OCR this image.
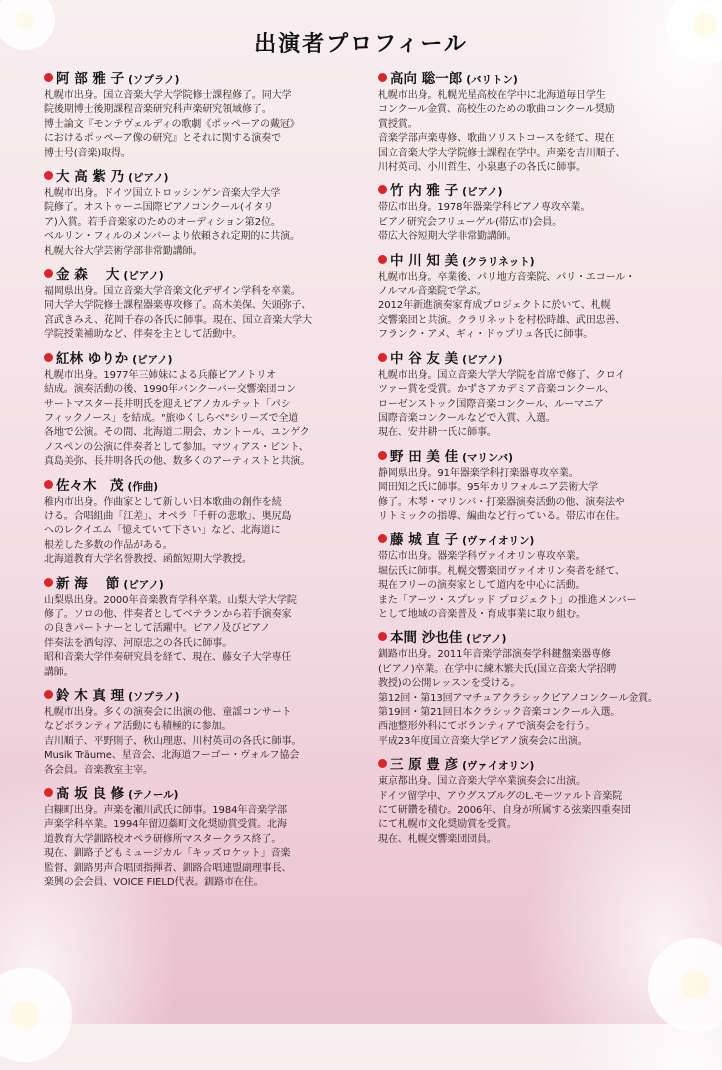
出演者プロフィール
阿 部 雅 子 (ソプラノ)
札幌市出身。国立音楽大学大学院修士課程修了。同大学
院後期博士後期課程音楽研究科声楽研究領域修了。
博士論文『モンテヴェルディの歌劇《ポッペーアの戴冠》
におけるポッペーア像の研究』とそれに関する演奏で
博士号(音楽)取得。
大 高 紫 乃 (ピアノ)
札幌市出身。ドイツ国立トロッシンゲン音楽大学大学
院修了。オストゥーニ国際ピアノコンクール(イタリ
ア)入賞。若手音楽家のためのオーディション第2位。
ベルリン・フィルのメンバーより依頼され定期的に共演。
札幌大谷大学芸術学部非常勤講師。
金 森　 大 (ピアノ)
福岡県出身。国立音楽大学音楽文化デザイン学科を卒業。
同大学大学院修士課程器楽専攻修了。高木美保、矢頭弥子、
宮武きみえ、花岡千春の各氏に師事。現在、国立音楽大学大
学院授業補助など、伴奏を主として活動中。
紅林 ゆりか (ピアノ)
札幌市出身。1977年三姉妹による兵藤ピアノトリオ
結成。演奏活動の後、1990年バンクーバー交響楽団コン
サートマスター長井明氏を迎えピアノカルテット「パシ
フィックノース」を結成。"旅ゆくしらべ"シリーズで全道
各地で公演。その間、北海道二期会、カントール、ユンゲク
ノスペンの公演に伴奏者として参加。マツィアス・ピント、
真島美弥、長井明各氏の他、数多くのアーティストと共演。
佐々木　茂 (作曲)
稚内市出身。作曲家として新しい日本歌曲の創作を続
ける。合唱組曲「江差」、オペラ「千軒の悲歌」、奥尻島
へのレクイエム「憶えていて下さい」など、北海道に
根差した多数の作品がある。
北海道教育大学名誉教授、函館短期大学教授。
新 海　 節 (ピアノ)
山梨県出身。2000年音楽教育学科卒業。山梨大学大学院
修了。ソロの他、伴奏者としてベテランから若手演奏家
の良きパートナーとして活躍中。ピアノ及びピアノ
伴奏法を酒匂淳、河原忠之の各氏に師事。
昭和音楽大学伴奏研究員を経て、現在、藤女子大学専任
講師。
鈴 木 真 理 (ソプラノ)
札幌市出身。多くの演奏会に出演の他、童謡コンサート
などボランティア活動にも積極的に参加。
吉川順子、平野則子、秋山理恵、川村英司の各氏に師事。
Musik Träume、星音会、北海道フーゴー・ヴォルフ協会
各会員。音楽教室主宰。
髙 坂 良 修 (テノール)
白糠町出身。声楽を瀬川武氏に師事。1984年音楽学部
声楽学科卒業。1994年留辺蘂町文化奨励賞受賞。北海
道教育大学釧路校オペラ研修所マスタークラス終了。
現在、釧路子どもミュージカル「キッズロケット」音楽
監督、釧路男声合唱団指揮者、釧路合唱連盟副理事長、
楽興の会会員、VOICE FIELD代表。釧路市在住。
高向 聡一郎 (バリトン)
札幌市出身。札幌光星高校在学中に北海道毎日学生
コンクール金賞、高校生のための歌曲コンクール奨励
賞授賞。
音楽学部声楽専修、歌曲ソリストコースを経て、現在
国立音楽大学大学院修士課程在学中。声楽を吉川順子、
川村英司、小川哲生、小泉惠子の各氏に師事。
竹 内 雅 子 (ピアノ)
帯広市出身。1978年器楽学科ピアノ専攻卒業。
ピアノ研究会フリューゲル(帯広市)会員。
帯広大谷短期大学非常勤講師。
中 川 知 美 (クラリネット)
札幌市出身。卒業後、パリ地方音楽院、パリ・エコール・
ノルマル音楽院で学ぶ。
2012年新進演奏家育成プロジェクトに於いて、札幌
交響楽団と共演。クラリネットを村松時雄、武田忠善、
フランク・アメ、ギィ・ドゥプリュ各氏に師事。
中 谷 友 美 (ピアノ)
札幌市出身。国立音楽大学大学院を首席で修了、クロイ
ツァー賞を受賞。かずさアカデミア音楽コンクール、
ローゼンストック国際音楽コンクール、ルーマニア
国際音楽コンクールなどで入賞、入選。
現在、安井耕一氏に師事。
野 田 美 佳 (マリンバ)
静岡県出身。91年器楽学科打楽器専攻卒業。
岡田知之氏に師事。95年カリフォルニア芸術大学
修了。木琴・マリンバ・打楽器演奏活動の他、演奏法や
リトミックの指導、編曲など行っている。帯広市在住。
藤 城 直 子 (ヴァイオリン)
帯広市出身。器楽学科ヴァイオリン専攻卒業。
堀伝氏に師事。札幌交響楽団ヴァイオリン奏者を経て、
現在フリーの演奏家として道内を中心に活動。
また「アーツ・スプレッド プロジェクト」の推進メンバー
として地域の音楽普及・育成事業に取り組む。
本間 沙也佳 (ピアノ)
釧路市出身。2011年音楽学部演奏学科鍵盤楽器専修
(ピアノ)卒業。在学中に練木繁夫氏(国立音楽大学招聘
教授)の公開レッスンを受ける。
第12回・第13回アマチュアクラシックピアノコンクール金賞。
第19回・第21回日本クラシック音楽コンクール入選。
西池整形外科にてボランティアで演奏会を行う。
平成23年度国立音楽大学ピアノ演奏会に出演。
三 原 豊 彦 (ヴァイオリン)
東京都出身。国立音楽大学卒業演奏会に出演。
ドイツ留学中、アウグスブルグのL.モーツァルト音楽院
にて研鑽を積む。2006年、自身が所属する弦楽四重奏団
にて札幌市文化奨励賞を受賞。
現在、札幌交響楽団団員。
